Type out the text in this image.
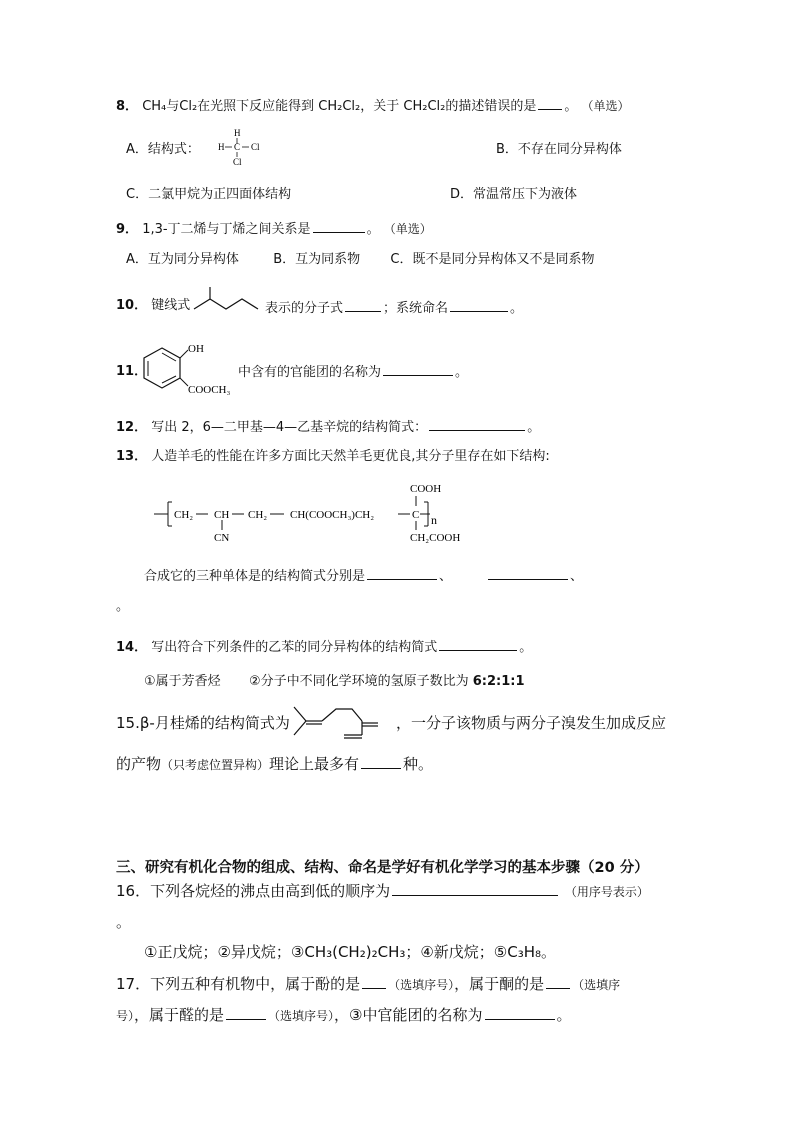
8． CH₄与Cl₂在光照下反应能得到 CH₂Cl₂，关于 CH₂Cl₂的描述错误的是 。 （单选）
A．结构式：
H
H C Cl
Cl
B．不存在同分异构体
C．二氯甲烷为正四面体结构	D．常温常压下为液体
9． 1,3-丁二烯与丁烯之间关系是	。 （单选）
A．互为同分异构体	B．互为同系物 C．既不是同分异构体又不是同系物
10． 键线式	表示的分子式	；系统命名	。
11．
OH
COOCH₃
中含有的官能团的名称为	。
12． 写出 2，6—二甲基—4—乙基辛烷的结构简式：	。
13． 人造羊毛的性能在许多方面比天然羊毛更优良,其分子里存在如下结构:
CH₂ CH
CN
CH₂ CH(COOCH₃)CH₂	C
COOH
CH₂COOH
n
合成它的三种单体是的结构简式分别是	、	、
。
14． 写出符合下列条件的乙苯的同分异构体的结构简式	。
①属于芳香烃 ②分子中不同化学环境的氢原子数比为 6:2:1:1
15.β-月桂烯的结构简式为	，一分子该物质与两分子溴发生加成反应
的产物（只考虑位置异构）理论上最多有	种。
三、研究有机化合物的组成、结构、命名是学好有机化学学习的基本步骤（20 分）
16．下列各烷烃的沸点由高到低的顺序为	（用序号表示）
。
①正戊烷；②异戊烷；③CH₃(CH₂)₂CH₃；④新戊烷；⑤C₃H₈。
17．下列五种有机物中，属于酚的是 （选填序号），属于酮的是 （选填序
号），属于醛的是	（选填序号），③中官能团的名称为	。
